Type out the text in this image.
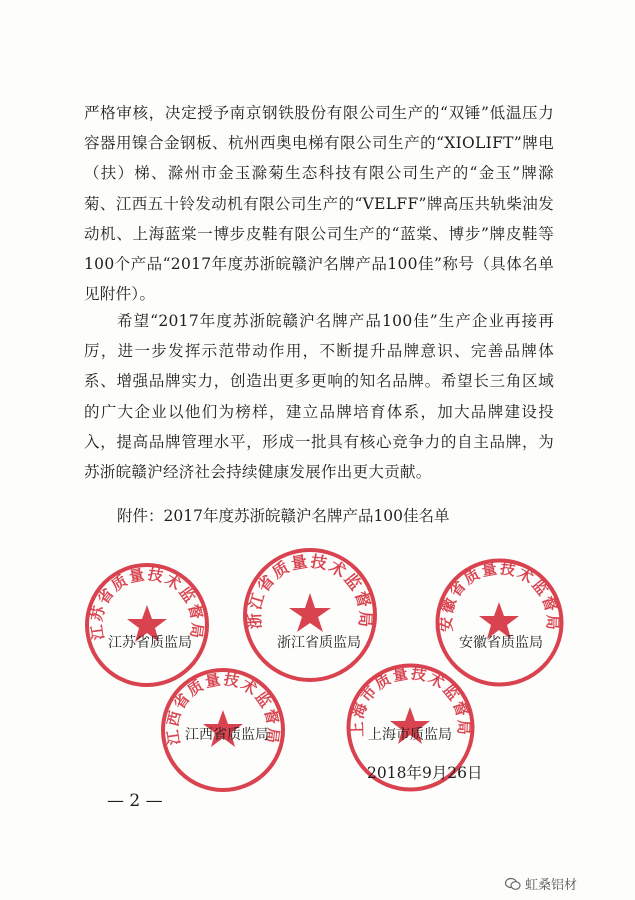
严格审核，决定授予南京钢铁股份有限公司生产的“双锤”低温压力容器用镍合金钢板、杭州西奥电梯有限公司生产的“XIOLIFT”牌电（扶）梯、滁州市金玉滁菊生态科技有限公司生产的“金玉”牌滁菊、江西五十铃发动机有限公司生产的“VELFF”牌高压共轨柴油发动机、上海蓝棠一博步皮鞋有限公司生产的“蓝棠、博步”牌皮鞋等100个产品“2017年度苏浙皖赣沪名牌产品100佳”称号（具体名单见附件）。

希望“2017年度苏浙皖赣沪名牌产品100佳”生产企业再接再厉，进一步发挥示范带动作用，不断提升品牌意识、完善品牌体系、增强品牌实力，创造出更多更响的知名品牌。希望长三角区域的广大企业以他们为榜样，建立品牌培育体系，加大品牌建设投入，提高品牌管理水平，形成一批具有核心竞争力的自主品牌，为苏浙皖赣沪经济社会持续健康发展作出更大贡献。

附件：2017年度苏浙皖赣沪名牌产品100佳名单

江苏省质量技术监督局
江苏省质监局
浙江省质量技术监督局
浙江省质监局
安徽省质量技术监督局
安徽省质监局
江西省质量技术监督局
江西省质监局	上海市质量技术监督局
上海市质监局
2018年9月26日
— 2 —
虹桑铝材
